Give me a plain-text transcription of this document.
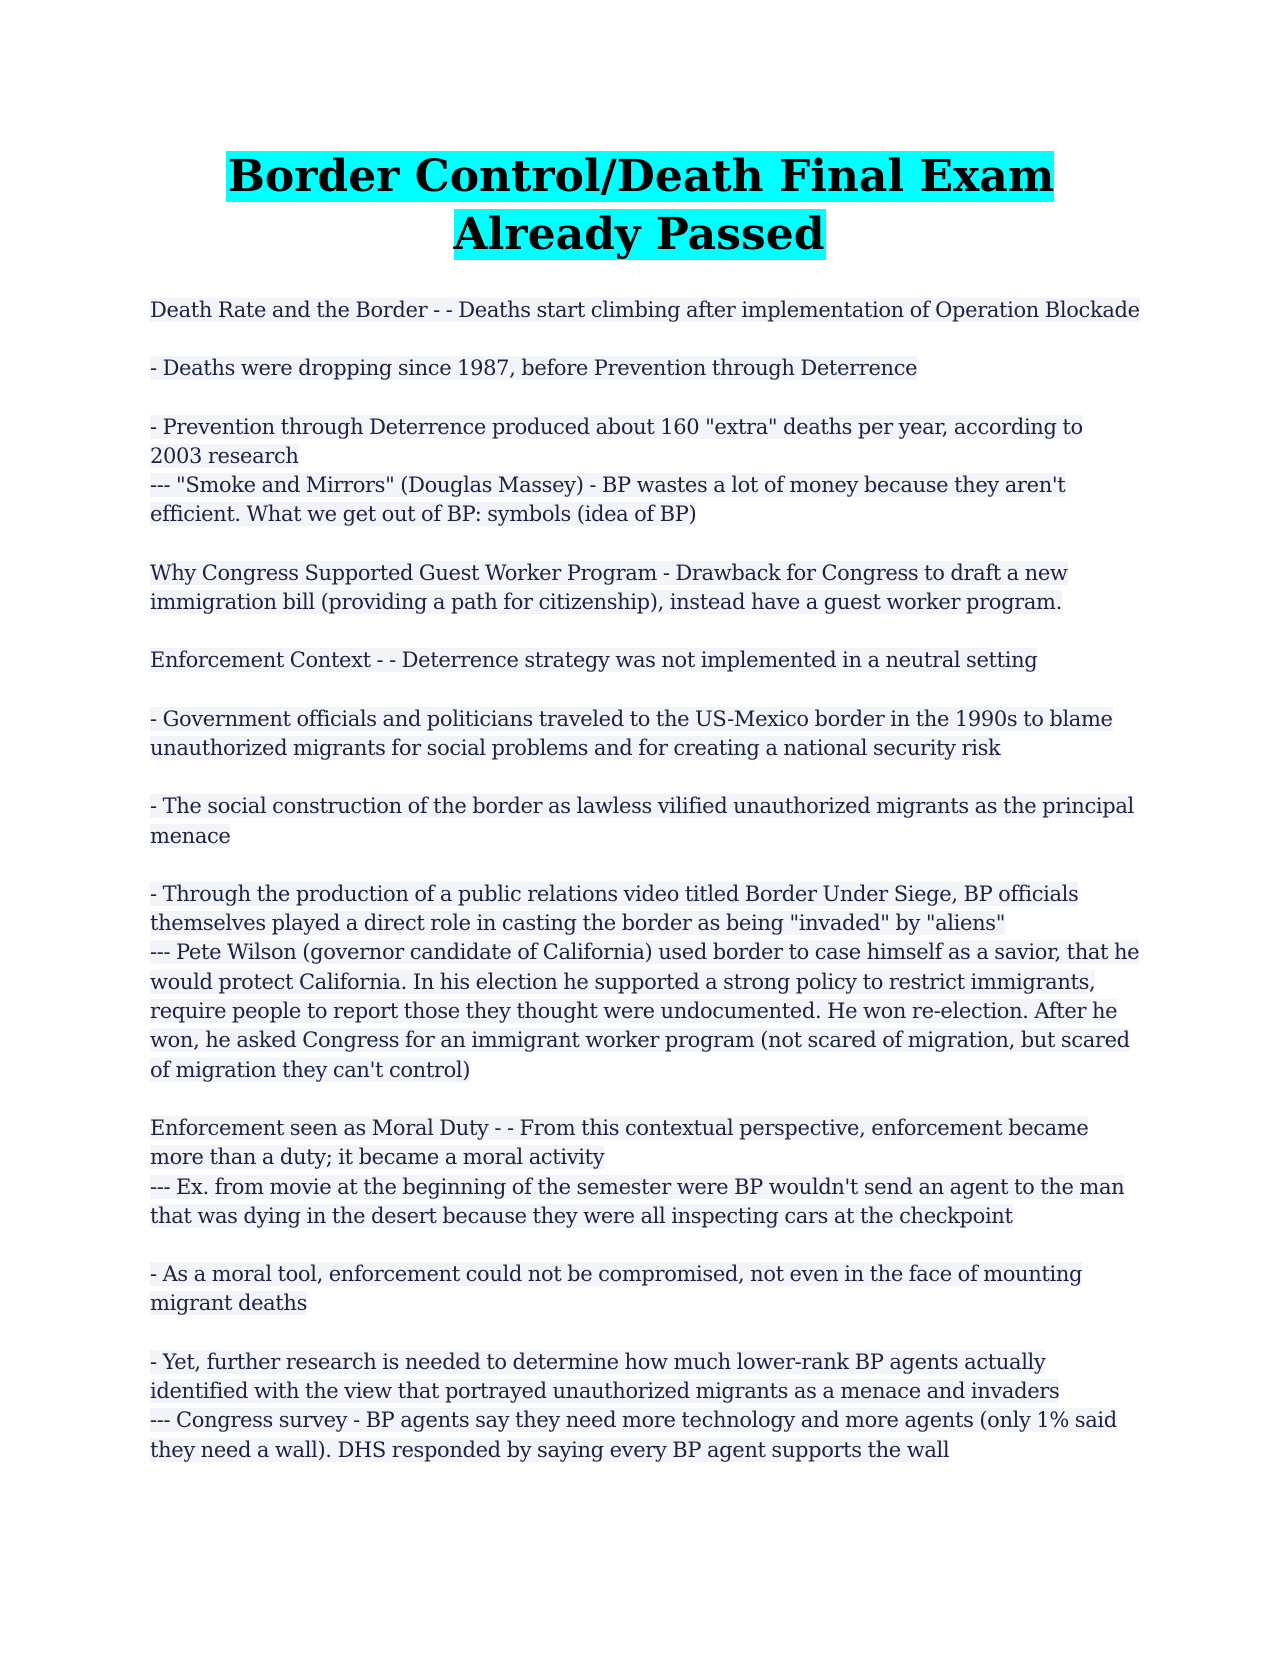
Border Control/Death Final Exam Already Passed

Death Rate and the Border - - Deaths start climbing after implementation of Operation Blockade

- Deaths were dropping since 1987, before Prevention through Deterrence

- Prevention through Deterrence produced about 160 "extra" deaths per year, according to 2003 research

--- "Smoke and Mirrors" (Douglas Massey) - BP wastes a lot of money because they aren't efficient. What we get out of BP: symbols (idea of BP)

Why Congress Supported Guest Worker Program - Drawback for Congress to draft a new immigration bill (providing a path for citizenship), instead have a guest worker program.

Enforcement Context - - Deterrence strategy was not implemented in a neutral setting

- Government officials and politicians traveled to the US-Mexico border in the 1990s to blame unauthorized migrants for social problems and for creating a national security risk

- The social construction of the border as lawless vilified unauthorized migrants as the principal menace

- Through the production of a public relations video titled Border Under Siege, BP officials themselves played a direct role in casting the border as being "invaded" by "aliens"

--- Pete Wilson (governor candidate of California) used border to case himself as a savior, that he would protect California. In his election he supported a strong policy to restrict immigrants, require people to report those they thought were undocumented. He won re-election. After he won, he asked Congress for an immigrant worker program (not scared of migration, but scared of migration they can't control)

Enforcement seen as Moral Duty - - From this contextual perspective, enforcement became more than a duty; it became a moral activity

--- Ex. from movie at the beginning of the semester were BP wouldn't send an agent to the man that was dying in the desert because they were all inspecting cars at the checkpoint

- As a moral tool, enforcement could not be compromised, not even in the face of mounting migrant deaths

- Yet, further research is needed to determine how much lower-rank BP agents actually identified with the view that portrayed unauthorized migrants as a menace and invaders

--- Congress survey - BP agents say they need more technology and more agents (only 1% said they need a wall). DHS responded by saying every BP agent supports the wall
